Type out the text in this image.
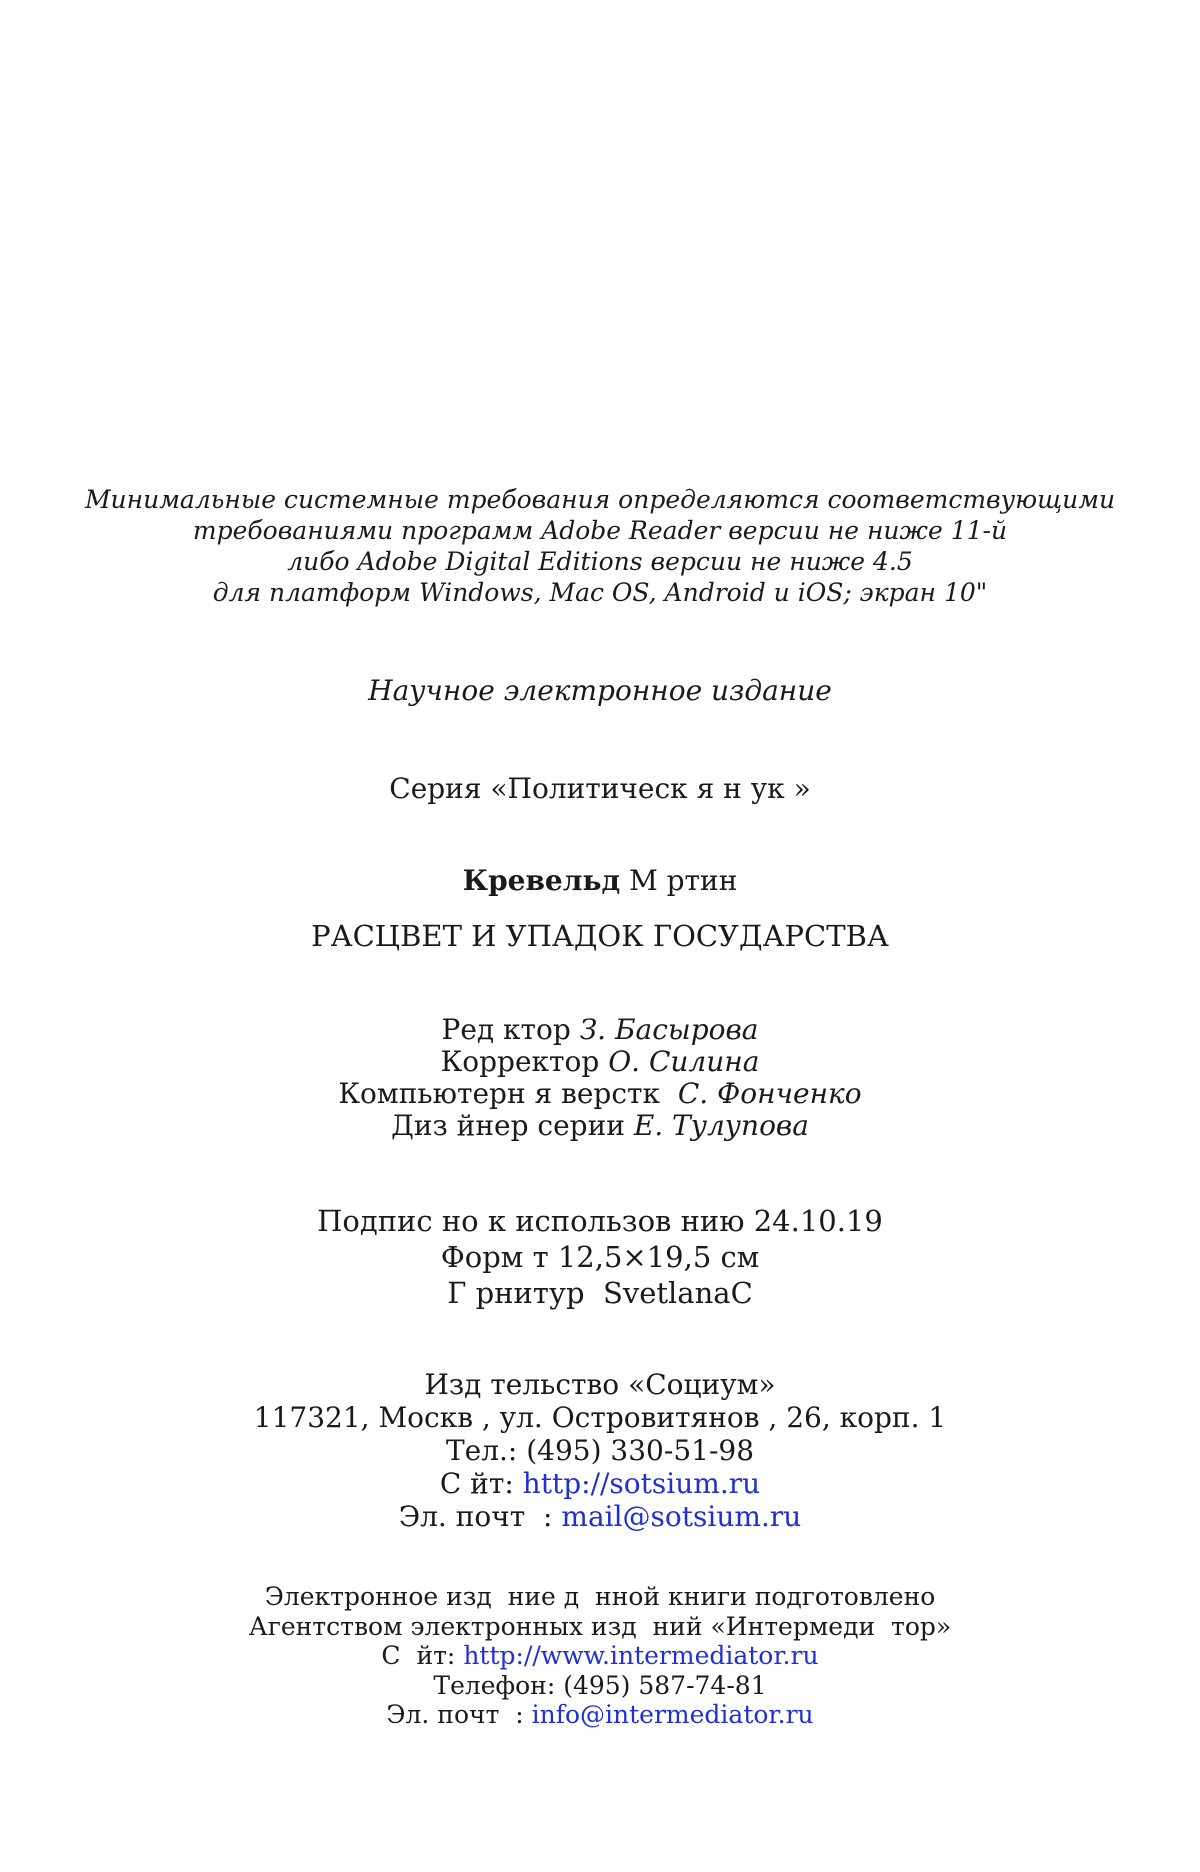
Минимальные системные требования определяются соответствующими
требованиями программ Adobe Reader версии не ниже 11-й
либо Adobe Digital Editions версии не ниже 4.5
для платформ Windows, Mac OS, Android и iOS; экран 10"
Научное электронное издание
Серия «Политическ я н ук »
Кревельд М ртин
РАСЦВЕТ И УПАДОК ГОСУДАРСТВА
Ред ктор З. Басырова
Корректор О. Силина
Компьютерн я верстк  С. Фонченко
Диз йнер серии Е. Тулупова
Подпис но к использов нию 24.10.19
Форм т 12,5×19,5 см
Г рнитур  SvetlanaC
Изд тельство «Социум»
117321, Москв , ул. Островитянов , 26, корп. 1
Тел.: (495) 330-51-98
С йт: http://sotsium.ru
Эл. почт  : mail@sotsium.ru
Электронное изд  ние д  нной книги подготовлено
Агентством электронных изд  ний «Интермеди  тор»
С  йт: http://www.intermediator.ru
Телефон: (495) 587-74-81
Эл. почт  : info@intermediator.ru
